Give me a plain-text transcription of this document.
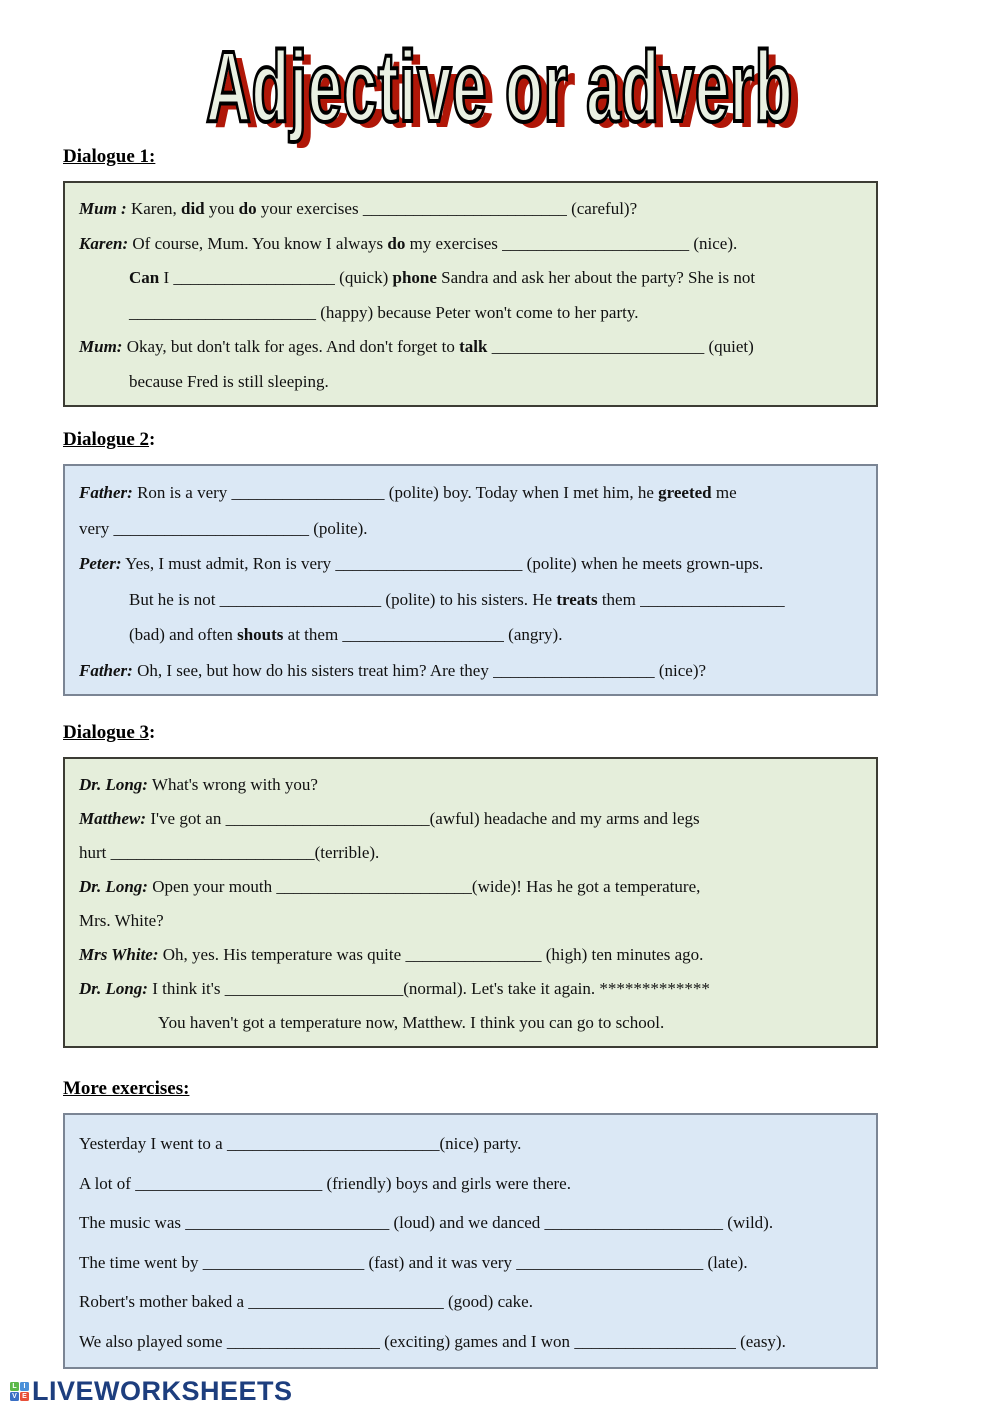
Adjective or adverb
Dialogue 1:
Mum : Karen, did you do your exercises ________________________ (careful)?
Karen: Of course, Mum. You know I always do my exercises ______________________ (nice).
Can I ___________________ (quick) phone Sandra and ask her about the party? She is not
______________________ (happy) because Peter won't come to her party.
Mum: Okay, but don't talk for ages. And don't forget to talk _________________________ (quiet)
because Fred is still sleeping.
Dialogue 2:
Father: Ron is a very __________________ (polite) boy. Today when I met him, he greeted me
very _______________________ (polite).
Peter: Yes, I must admit, Ron is very ______________________ (polite) when he meets grown-ups.
But he is not ___________________ (polite) to his sisters. He treats them _________________
(bad) and often shouts at them ___________________ (angry).
Father: Oh, I see, but how do his sisters treat him? Are they ___________________ (nice)?
Dialogue 3:
Dr. Long: What's wrong with you?
Matthew: I've got an ________________________(awful) headache and my arms and legs
hurt ________________________(terrible).
Dr. Long: Open your mouth _______________________(wide)! Has he got a temperature,
Mrs. White?
Mrs White: Oh, yes. His temperature was quite ________________ (high) ten minutes ago.
Dr. Long: I think it's _____________________(normal). Let's take it again. *************
You haven't got a temperature now, Matthew. I think you can go to school.
More exercises:
Yesterday I went to a _________________________(nice) party.
A lot of ______________________ (friendly) boys and girls were there.
The music was ________________________ (loud) and we danced _____________________ (wild).
The time went by ___________________ (fast) and it was very ______________________ (late).
Robert's mother baked a _______________________ (good) cake.
We also played some __________________ (exciting) games and I won ___________________ (easy).
L I
V E LIVEWORKSHEETS
